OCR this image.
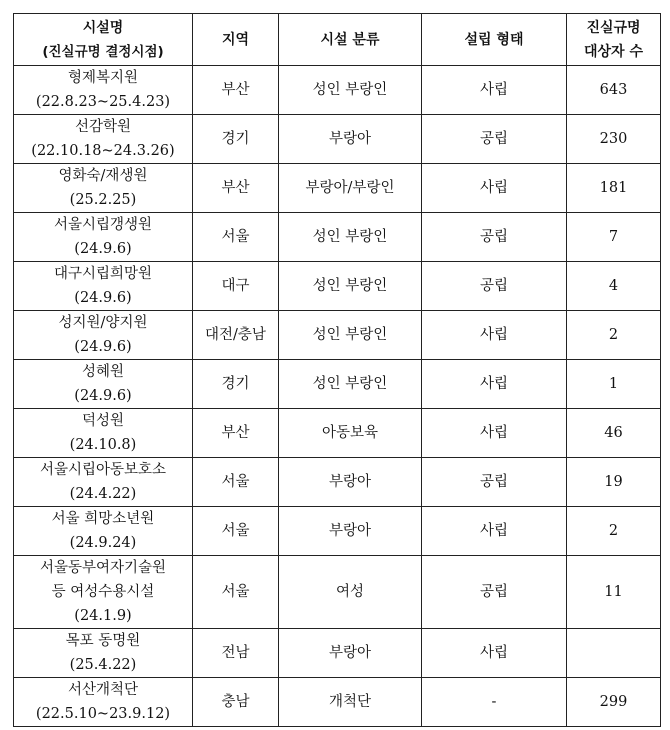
시설명
(진실규명 결정시점)	지역	시설 분류	설립 형태	진실규명
대상자 수

형제복지원
(22.8.23~25.4.23)	부산	성인 부랑인	사립	643

선감학원
(22.10.18~24.3.26)	경기	부랑아	공립	230

영화숙/재생원
(25.2.25)	부산	부랑아/부랑인	사립	181

서울시립갱생원
(24.9.6)	서울	성인 부랑인	공립	7

대구시립희망원
(24.9.6)	대구	성인 부랑인	공립	4

성지원/양지원
(24.9.6)	대전/충남	성인 부랑인	사립	2

성혜원
(24.9.6)	경기	성인 부랑인	사립	1

덕성원
(24.10.8)	부산	아동보육	사립	46

서울시립아동보호소
(24.4.22)	서울	부랑아	공립	19

서울 희망소년원
(24.9.24)	서울	부랑아	사립	2

서울동부여자기술원
등 여성수용시설
(24.1.9)	서울	여성	공립	11

목포 동명원
(25.4.22)	전남	부랑아	사립	

서산개척단
(22.5.10~23.9.12)	충남	개척단	-	299
